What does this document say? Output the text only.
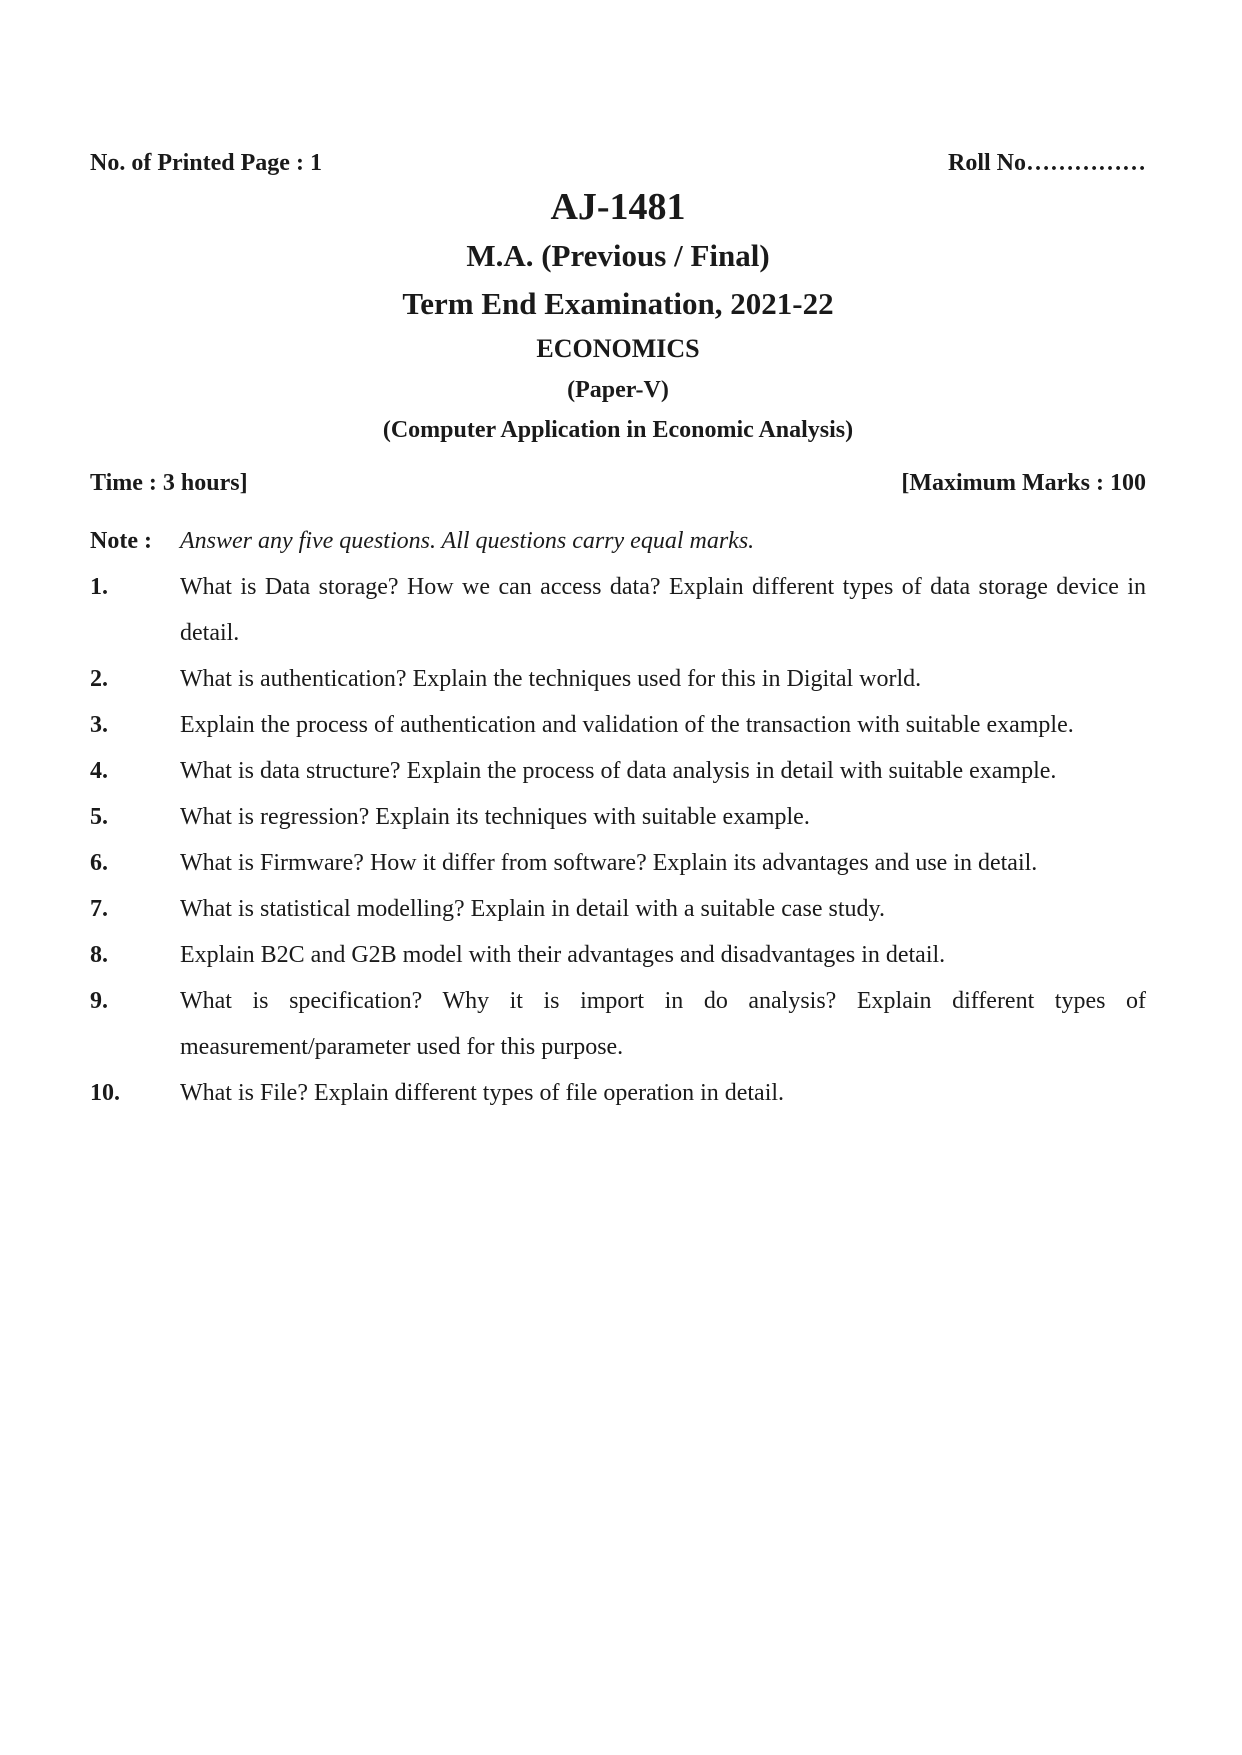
No. of Printed Page : 1	Roll No……………
AJ-1481
M.A. (Previous / Final)
Term End Examination, 2021-22
ECONOMICS
(Paper-V)
(Computer Application in Economic Analysis)
Time : 3 hours]	[Maximum Marks : 100
Note :	Answer any five questions. All questions carry equal marks.
1.	What is Data storage? How we can access data? Explain different types of data storage device in detail.
2.	What is authentication? Explain the techniques used for this in Digital world.
3.	Explain the process of authentication and validation of the transaction with suitable example.
4.	What is data structure? Explain the process of data analysis in detail with suitable example.
5.	What is regression? Explain its techniques with suitable example.
6.	What is Firmware? How it differ from software? Explain its advantages and use in detail.
7.	What is statistical modelling? Explain in detail with a suitable case study.
8.	Explain B2C and G2B model with their advantages and disadvantages in detail.
9.	What is specification? Why it is import in do analysis? Explain different types of measurement/parameter used for this purpose.
10.	What is File? Explain different types of file operation in detail.
